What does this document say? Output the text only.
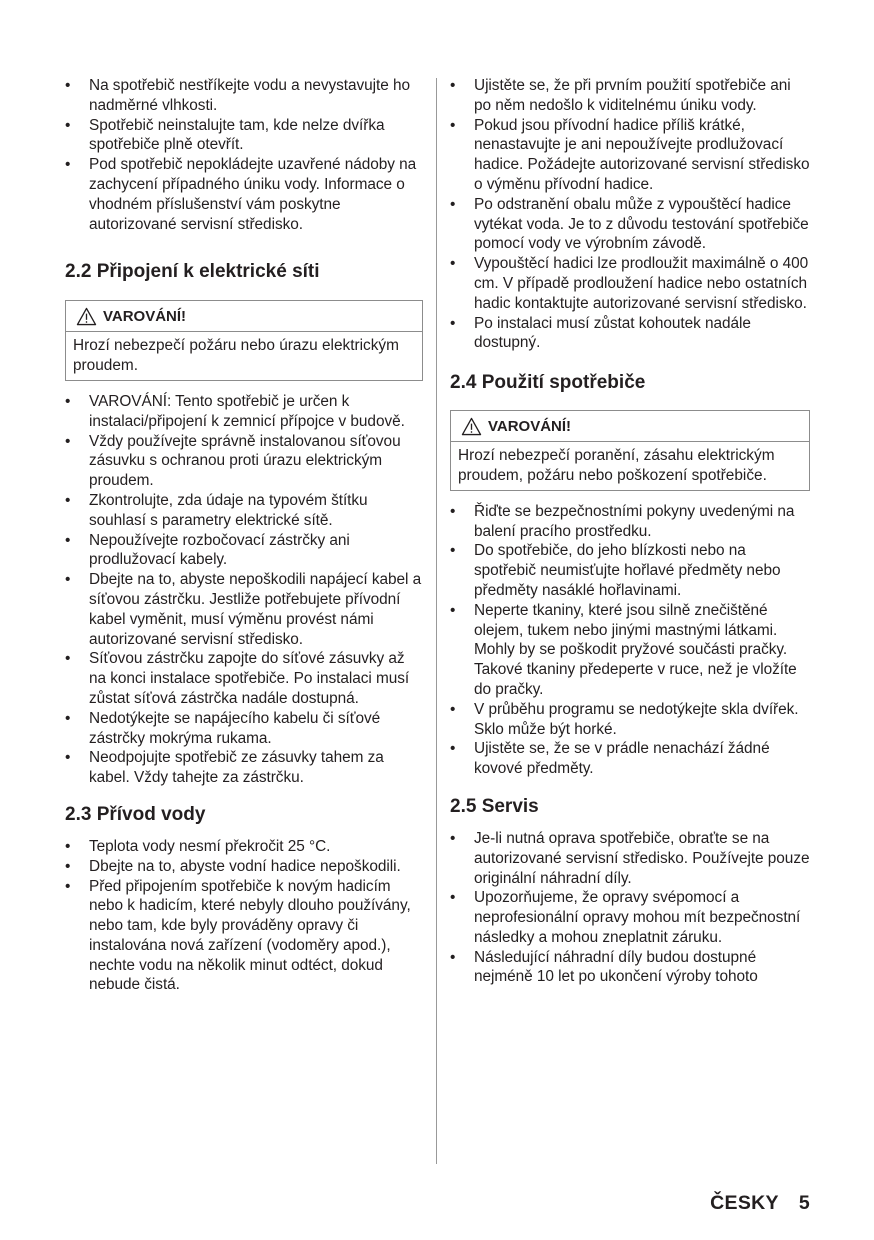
• Na spotřebič nestříkejte vodu a nevystavujte ho nadměrné vlhkosti.
• Spotřebič neinstalujte tam, kde nelze dvířka spotřebiče plně otevřít.
• Pod spotřebič nepokládejte uzavřené nádoby na zachycení případného úniku vody. Informace o vhodném příslušenství vám poskytne autorizované servisní středisko.
2.2 Připojení k elektrické síti
VAROVÁNÍ!
Hrozí nebezpečí požáru nebo úrazu elektrickým proudem.
• VAROVÁNÍ: Tento spotřebič je určen k instalaci/připojení k zemnicí přípojce v budově.
• Vždy používejte správně instalovanou síťovou zásuvku s ochranou proti úrazu elektrickým proudem.
• Zkontrolujte, zda údaje na typovém štítku souhlasí s parametry elektrické sítě.
• Nepoužívejte rozbočovací zástrčky ani prodlužovací kabely.
• Dbejte na to, abyste nepoškodili napájecí kabel a síťovou zástrčku. Jestliže potřebujete přívodní kabel vyměnit, musí výměnu provést námi autorizované servisní středisko.
• Síťovou zástrčku zapojte do síťové zásuvky až na konci instalace spotřebiče. Po instalaci musí zůstat síťová zástrčka nadále dostupná.
• Nedotýkejte se napájecího kabelu či síťové zástrčky mokrýma rukama.
• Neodpojujte spotřebič ze zásuvky tahem za kabel. Vždy tahejte za zástrčku.
2.3 Přívod vody
• Teplota vody nesmí překročit 25 °C.
• Dbejte na to, abyste vodní hadice nepoškodili.
• Před připojením spotřebiče k novým hadicím nebo k hadicím, které nebyly dlouho používány, nebo tam, kde byly prováděny opravy či instalována nová zařízení (vodoměry apod.), nechte vodu na několik minut odtéct, dokud nebude čistá.
• Ujistěte se, že při prvním použití spotřebiče ani po něm nedošlo k viditelnému úniku vody.
• Pokud jsou přívodní hadice příliš krátké, nenastavujte je ani nepoužívejte prodlužovací hadice. Požádejte autorizované servisní středisko o výměnu přívodní hadice.
• Po odstranění obalu může z vypouštěcí hadice vytékat voda. Je to z důvodu testování spotřebiče pomocí vody ve výrobním závodě.
• Vypouštěcí hadici lze prodloužit maximálně o 400 cm. V případě prodloužení hadice nebo ostatních hadic kontaktujte autorizované servisní středisko.
• Po instalaci musí zůstat kohoutek nadále dostupný.
2.4 Použití spotřebiče
VAROVÁNÍ!
Hrozí nebezpečí poranění, zásahu elektrickým proudem, požáru nebo poškození spotřebiče.
• Řiďte se bezpečnostními pokyny uvedenými na balení pracího prostředku.
• Do spotřebiče, do jeho blízkosti nebo na spotřebič neumisťujte hořlavé předměty nebo předměty nasáklé hořlavinami.
• Neperte tkaniny, které jsou silně znečištěné olejem, tukem nebo jinými mastnými látkami. Mohly by se poškodit pryžové součásti pračky. Takové tkaniny předeperte v ruce, než je vložíte do pračky.
• V průběhu programu se nedotýkejte skla dvířek. Sklo může být horké.
• Ujistěte se, že se v prádle nenachází žádné kovové předměty.
2.5 Servis
• Je-li nutná oprava spotřebiče, obraťte se na autorizované servisní středisko. Používejte pouze originální náhradní díly.
• Upozorňujeme, že opravy svépomocí a neprofesionální opravy mohou mít bezpečnostní následky a mohou zneplatnit záruku.
• Následující náhradní díly budou dostupné nejméně 10 let po ukončení výroby tohoto
ČESKY 5
